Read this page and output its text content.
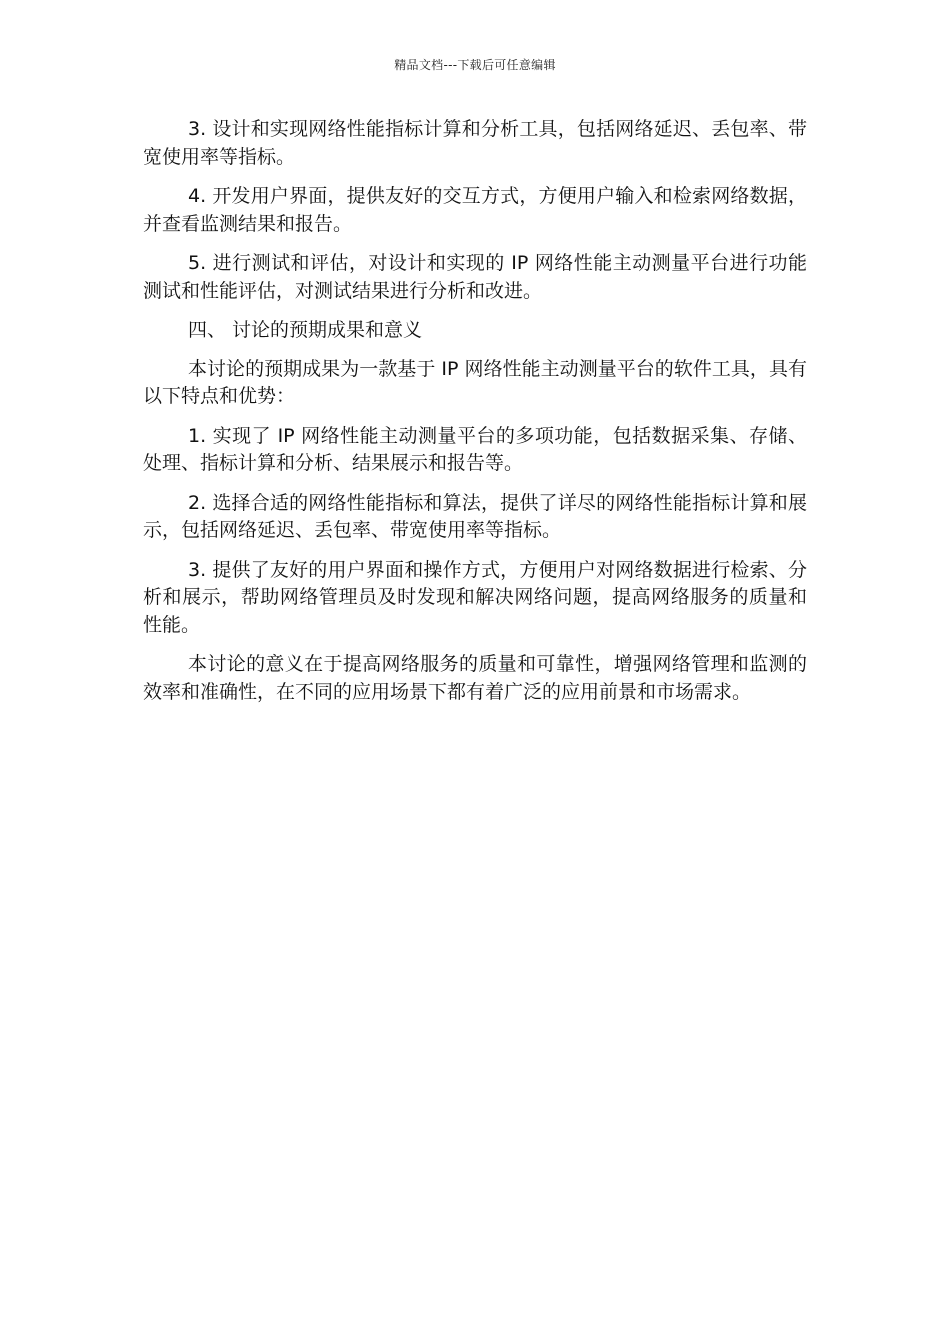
精品文档---下载后可任意编辑

3. 设计和实现网络性能指标计算和分析工具，包括网络延迟、丢包率、带宽使用率等指标。

4. 开发用户界面，提供友好的交互方式，方便用户输入和检索网络数据，并查看监测结果和报告。

5. 进行测试和评估，对设计和实现的 IP 网络性能主动测量平台进行功能测试和性能评估，对测试结果进行分析和改进。

四、 讨论的预期成果和意义

本讨论的预期成果为一款基于 IP 网络性能主动测量平台的软件工具，具有以下特点和优势：

1. 实现了 IP 网络性能主动测量平台的多项功能，包括数据采集、存储、处理、指标计算和分析、结果展示和报告等。

2. 选择合适的网络性能指标和算法，提供了详尽的网络性能指标计算和展示，包括网络延迟、丢包率、带宽使用率等指标。

3. 提供了友好的用户界面和操作方式，方便用户对网络数据进行检索、分析和展示，帮助网络管理员及时发现和解决网络问题，提高网络服务的质量和性能。

本讨论的意义在于提高网络服务的质量和可靠性，增强网络管理和监测的效率和准确性，在不同的应用场景下都有着广泛的应用前景和市场需求。
